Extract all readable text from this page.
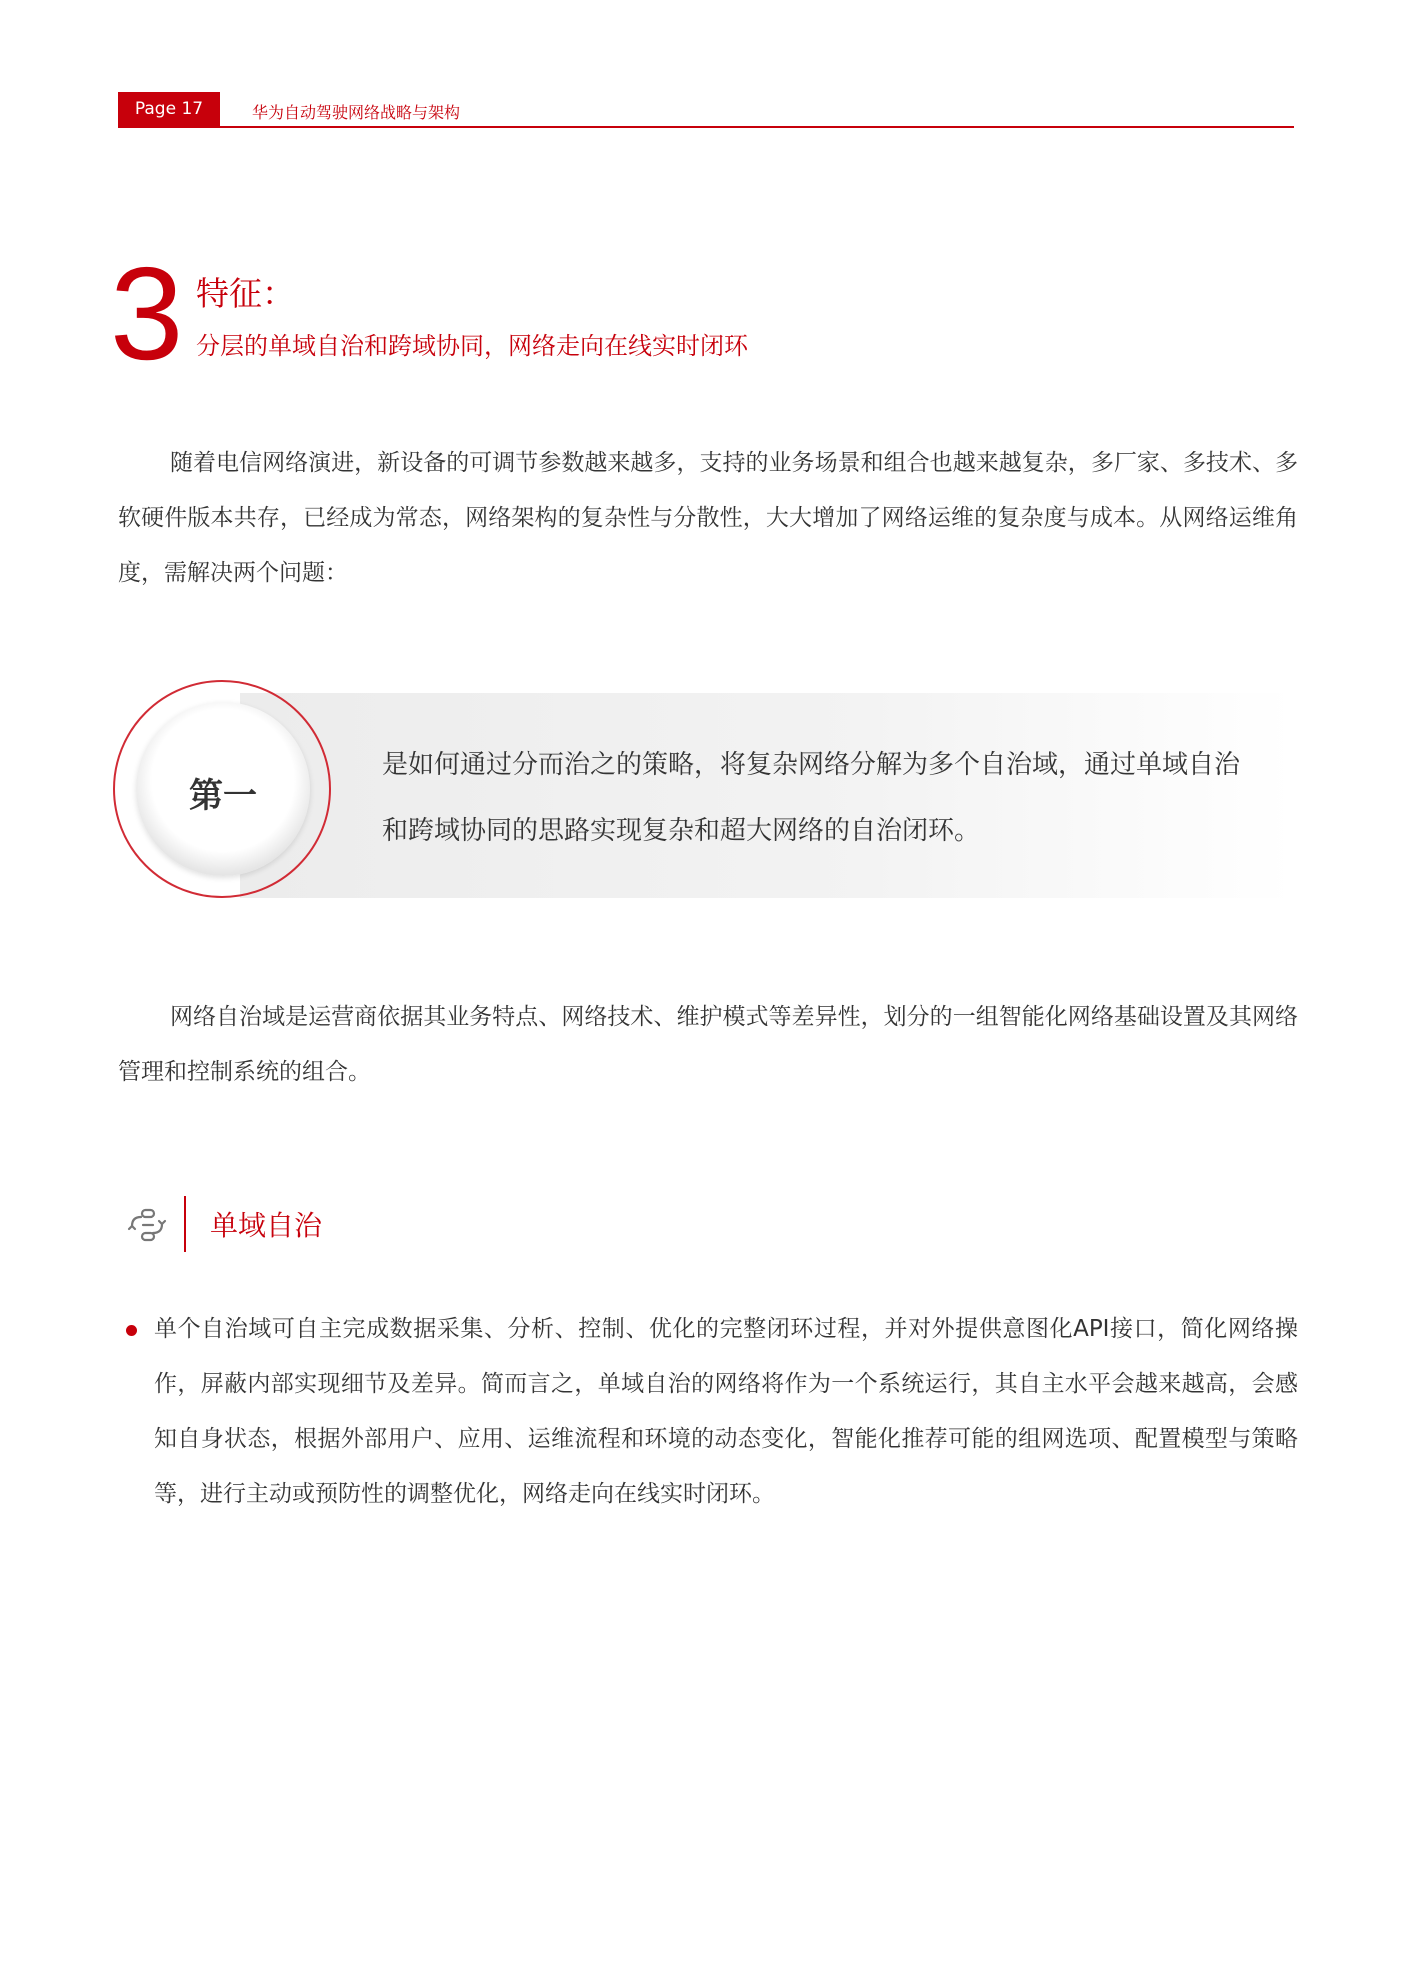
Page 17	华为自动驾驶网络战略与架构
3 特征：
分层的单域自治和跨域协同，网络走向在线实时闭环

随着电信网络演进，新设备的可调节参数越来越多，支持的业务场景和组合也越来越复杂，多厂家、多技术、多软硬件版本共存，已经成为常态，网络架构的复杂性与分散性，大大增加了网络运维的复杂度与成本。从网络运维角度，需解决两个问题：

第一

是如何通过分而治之的策略，将复杂网络分解为多个自治域，通过单域自治和跨域协同的思路实现复杂和超大网络的自治闭环。

网络自治域是运营商依据其业务特点、网络技术、维护模式等差异性，划分的一组智能化网络基础设置及其网络管理和控制系统的组合。

单域自治

单个自治域可自主完成数据采集、分析、控制、优化的完整闭环过程，并对外提供意图化API接口，简化网络操作，屏蔽内部实现细节及差异。简而言之，单域自治的网络将作为一个系统运行，其自主水平会越来越高，会感知自身状态，根据外部用户、应用、运维流程和环境的动态变化，智能化推荐可能的组网选项、配置模型与策略等，进行主动或预防性的调整优化，网络走向在线实时闭环。
